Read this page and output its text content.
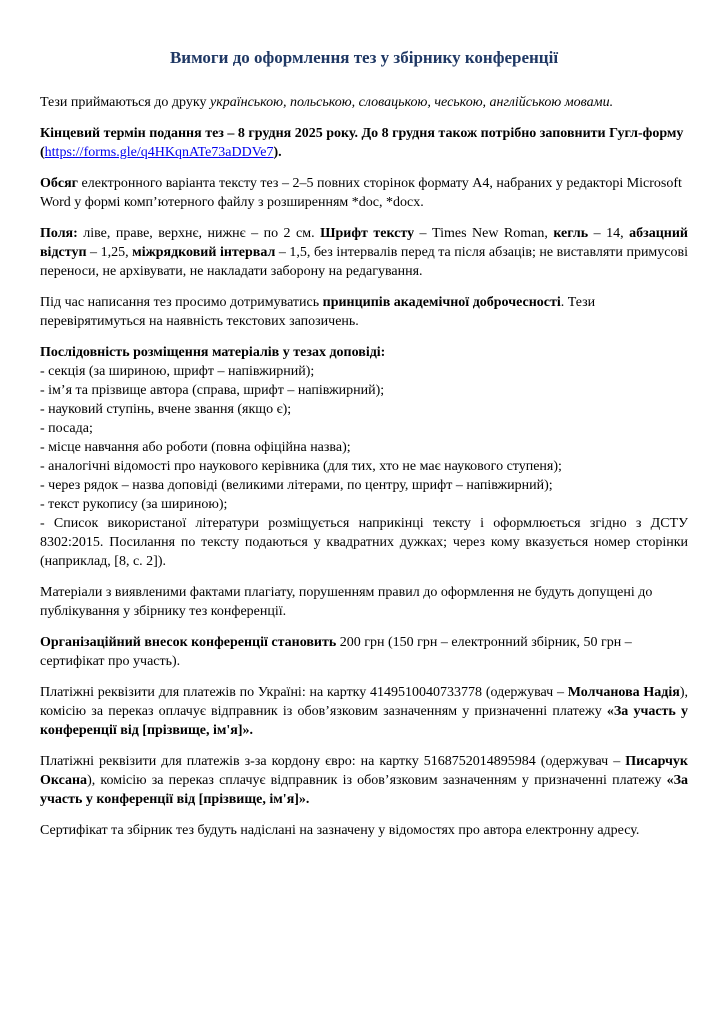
Вимоги до оформлення тез у збірнику конференції

Тези приймаються до друку українською, польською, словацькою, чеською, англійською мовами.

Кінцевий термін подання тез – 8 грудня 2025 року. До 8 грудня також потрібно заповнити Гугл-форму (https://forms.gle/q4HKqnATe73aDDVe7).

Обсяг електронного варіанта тексту тез – 2–5 повних сторінок формату А4, набраних у редакторі Microsoft Word у формі комп’ютерного файлу з розширенням *doc, *docx.

Поля: ліве, праве, верхнє, нижнє – по 2 см. Шрифт тексту – Times New Roman, кегль – 14, абзацний відступ – 1,25, міжрядковий інтервал – 1,5, без інтервалів перед та після абзаців; не виставляти примусові переноси, не архівувати, не накладати заборону на редагування.

Під час написання тез просимо дотримуватись принципів академічної доброчесності. Тези перевірятимуться на наявність текстових запозичень.

Послідовність розміщення матеріалів у тезах доповіді:

- секція (за шириною, шрифт – напівжирний);

- ім’я та прізвище автора (справа, шрифт – напівжирний);

- науковий ступінь, вчене звання (якщо є);

- посада;

- місце навчання або роботи (повна офіційна назва);

- аналогічні відомості про наукового керівника (для тих, хто не має наукового ступеня);

- через рядок – назва доповіді (великими літерами, по центру, шрифт – напівжирний);

- текст рукопису (за шириною);

- Список використаної літератури розміщується наприкінці тексту і оформлюється згідно з ДСТУ 8302:2015. Посилання по тексту подаються у квадратних дужках; через кому вказується номер сторінки (наприклад, [8, с. 2]).

Матеріали з виявленими фактами плагіату, порушенням правил до оформлення не будуть допущені до публікування у збірнику тез конференції.

Організаційний внесок конференції становить 200 грн (150 грн – електронний збірник, 50 грн – сертифікат про участь).

Платіжні реквізити для платежів по Україні: на картку 4149510040733778 (одержувач – Молчанова Надія), комісію за переказ оплачує відправник із обов’язковим зазначенням у призначенні платежу «За участь у конференції від [прізвище, ім'я]».

Платіжні реквізити для платежів з-за кордону євро: на картку 5168752014895984 (одержувач – Писарчук Оксана), комісію за переказ сплачує відправник із обов’язковим зазначенням у призначенні платежу «За участь у конференції від [прізвище, ім'я]».

Сертифікат та збірник тез будуть надіслані на зазначену у відомостях про автора електронну адресу.
